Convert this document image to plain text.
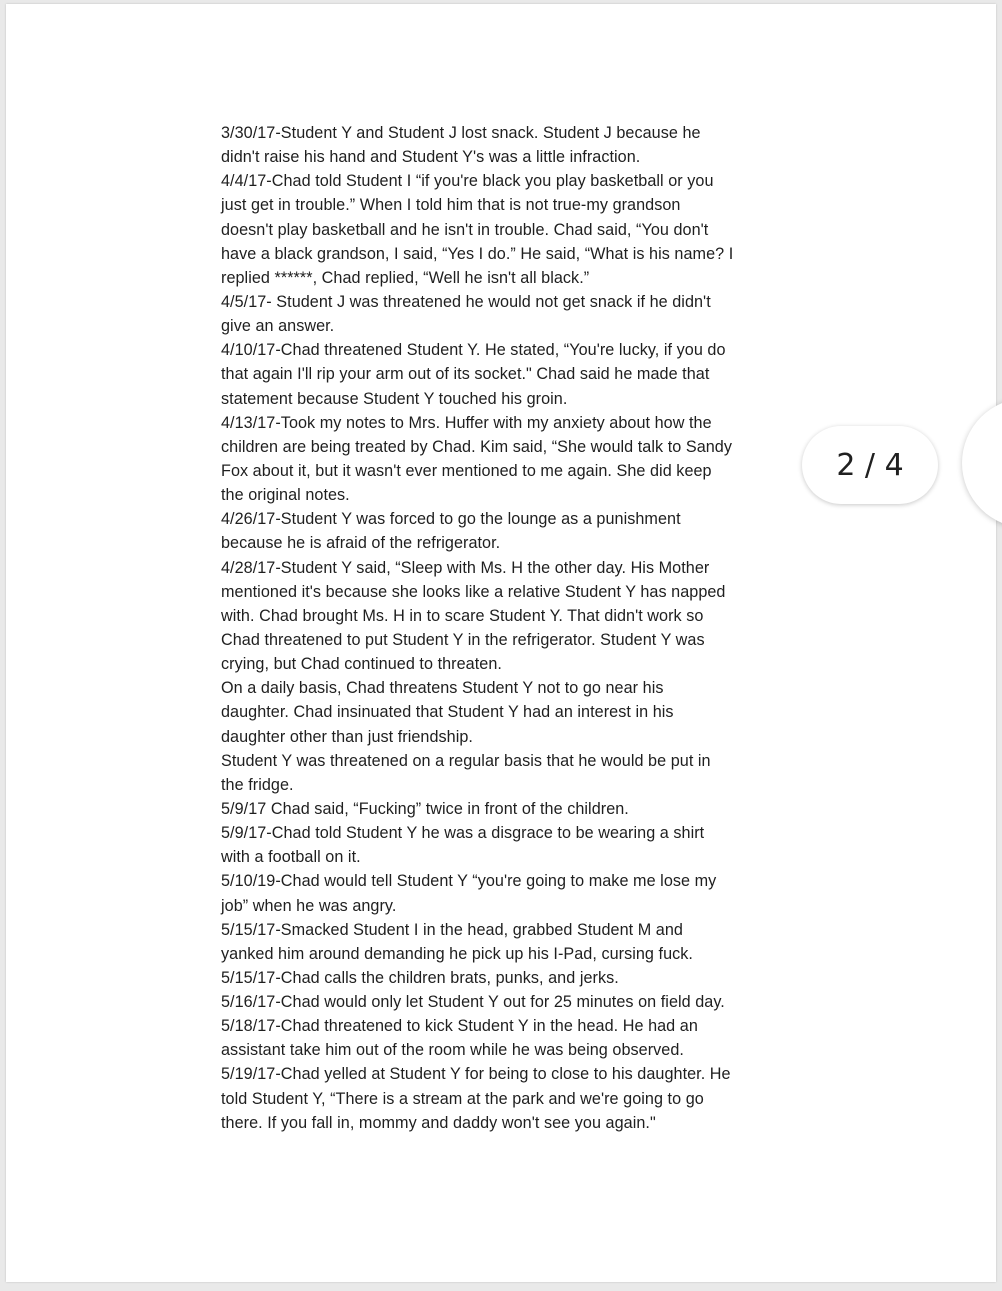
3/30/17-Student Y and Student J lost snack. Student J because he
didn't raise his hand and Student Y's was a little infraction.
4/4/17-Chad told Student I “if you're black you play basketball or you
just get in trouble.” When I told him that is not true-my grandson
doesn't play basketball and he isn't in trouble. Chad said, “You don't
have a black grandson, I said, “Yes I do.” He said, “What is his name? I
replied ******, Chad replied, “Well he isn't all black.”
4/5/17- Student J was threatened he would not get snack if he didn't
give an answer.
4/10/17-Chad threatened Student Y. He stated, “You're lucky, if you do
that again I'll rip your arm out of its socket." Chad said he made that
statement because Student Y touched his groin.
4/13/17-Took my notes to Mrs. Huffer with my anxiety about how the
children are being treated by Chad. Kim said, “She would talk to Sandy
Fox about it, but it wasn't ever mentioned to me again. She did keep
the original notes.
4/26/17-Student Y was forced to go the lounge as a punishment
because he is afraid of the refrigerator.
4/28/17-Student Y said, “Sleep with Ms. H the other day. His Mother
mentioned it's because she looks like a relative Student Y has napped
with. Chad brought Ms. H in to scare Student Y. That didn't work so
Chad threatened to put Student Y in the refrigerator. Student Y was
crying, but Chad continued to threaten.
On a daily basis, Chad threatens Student Y not to go near his
daughter. Chad insinuated that Student Y had an interest in his
daughter other than just friendship.
Student Y was threatened on a regular basis that he would be put in
the fridge.
5/9/17 Chad said, “Fucking” twice in front of the children.
5/9/17-Chad told Student Y he was a disgrace to be wearing a shirt
with a football on it.
5/10/19-Chad would tell Student Y “you're going to make me lose my
job” when he was angry.
5/15/17-Smacked Student I in the head, grabbed Student M and
yanked him around demanding he pick up his I-Pad, cursing fuck.
5/15/17-Chad calls the children brats, punks, and jerks.
5/16/17-Chad would only let Student Y out for 25 minutes on field day.
5/18/17-Chad threatened to kick Student Y in the head. He had an
assistant take him out of the room while he was being observed.
5/19/17-Chad yelled at Student Y for being to close to his daughter. He
told Student Y, “There is a stream at the park and we're going to go
there. If you fall in, mommy and daddy won't see you again."
2 / 4
